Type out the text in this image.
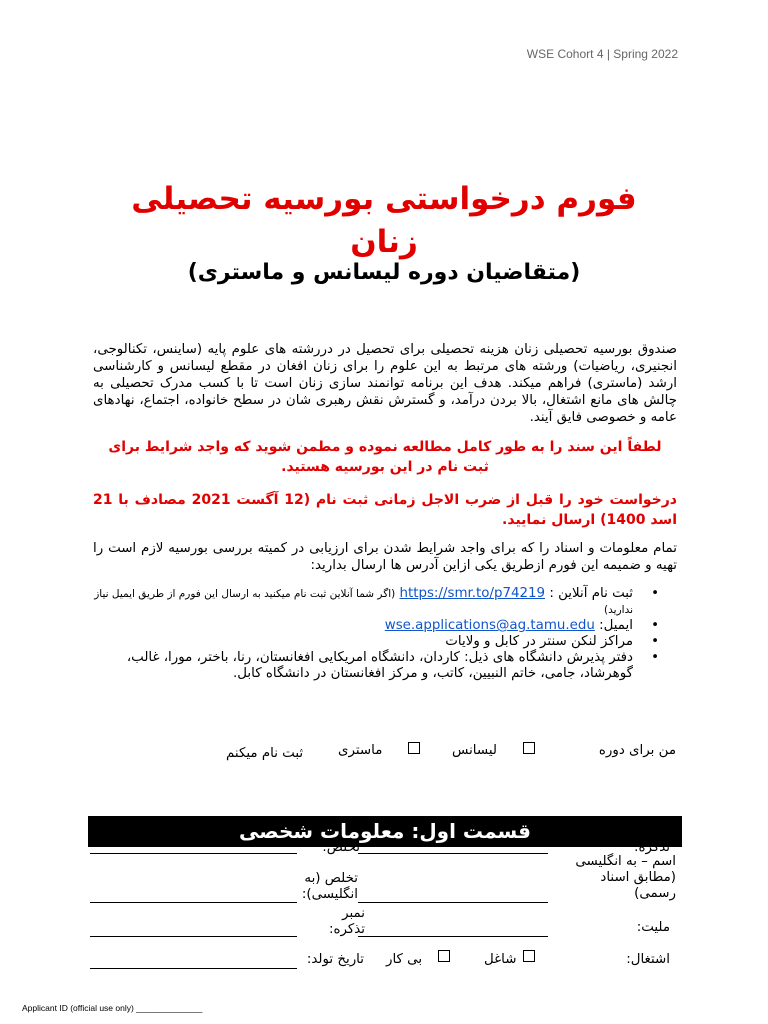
WSE Cohort 4 | Spring 2022
فورم درخواستی بورسیه تحصیلی
زنان
(متقاضیان دوره لیسانس و ماستری)
صندوق بورسیه تحصیلی زنان هزینه تحصیلی برای تحصیل در دررشته های علوم پایه (ساینس، تکنالوجی، انجنیری، ریاضیات) ورشته های مرتبط به این علوم را برای زنان افغان در مقطع لیسانس و کارشناسی ارشد (ماستری) فراهم میکند. هدف این برنامه توانمند سازی زنان است تا با کسب مدرک تحصیلی به چالش های مانع اشتغال، بالا بردن درآمد، و گسترش نقش رهبری شان در سطح خانواده، اجتماع، نهادهای عامه و خصوصی فایق آیند.
لطفاً این سند را به طور کامل مطالعه نموده و مطمن شوید که واجد شرایط برای ثبت نام در این بورسیه هستید.
درخواست خود را قبل از ضرب الاجل زمانی ثبت نام (12 آگست 2021 مصادف با 21 اسد 1400) ارسال نمایید.
تمام معلومات و اسناد را که برای واجد شرایط شدن برای ارزیابی در کمیته بررسی بورسیه لازم است را تهیه و ضمیمه این فورم ازطریق یکی ازاین آدرس ها ارسال بدارید:
• ثبت نام آنلاین : https://smr.to/p74219 (اگر شما آنلاین ثبت نام میکنید به ارسال این فورم از طریق ایمیل نیاز ندارید)
• ایمیل: wse.applications@ag.tamu.edu
• مراکز لنکن سنتر در کابل و ولایات
• دفتر پذیرش دانشگاه های ذیل: کاردان، دانشگاه امریکایی افغانستان، رنا، باختر، مورا، غالب، گوهرشاد، جامی، خاتم النبیین، کاتب، و مرکز افغانستان در دانشگاه کابل.
من برای دوره
لیسانس
ماستری
ثبت نام میکنم
قسمت اول: معلومات شخصی
تذکره:
تخلص:
اسم – به انگلیسی (مطابق اسناد رسمی)
تخلص (به انگلیسی):
ملیت:
نمبر تذکره:
اشتغال:
شاغل
بی کار
تاریخ تولد:
Applicant ID (official use only) ______________
